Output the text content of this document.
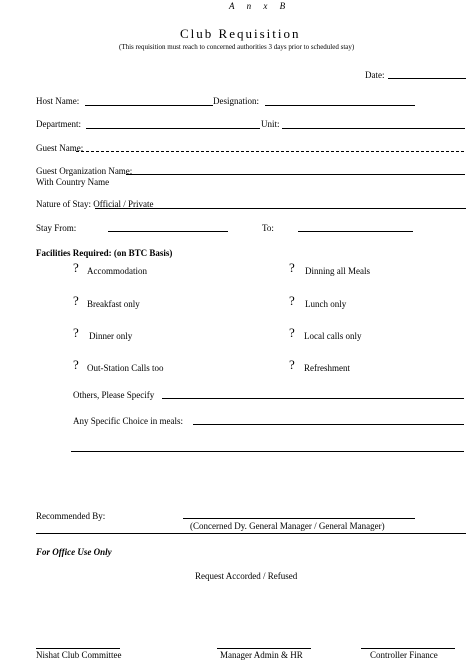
A n x B
Club Requisition
(This requisition must reach to concerned authorities 3 days prior to scheduled stay)
Date:
Host Name:	Designation:
Department:	Unit:
Guest Name:
Guest Organization Name:
With Country Name
Nature of Stay: Official / Private
Stay From:	To:
Facilities Required: (on BTC Basis)
? Accommodation	? Dinning all Meals
? Breakfast only	? Lunch only
? Dinner only	? Local calls only
? Out-Station Calls too	? Refreshment
Others, Please Specify
Any Specific Choice in meals:
Recommended By:
(Concerned Dy. General Manager / General Manager)
For Office Use Only
Request Accorded / Refused
Nishat Club Committee	Manager Admin & HR	Controller Finance
